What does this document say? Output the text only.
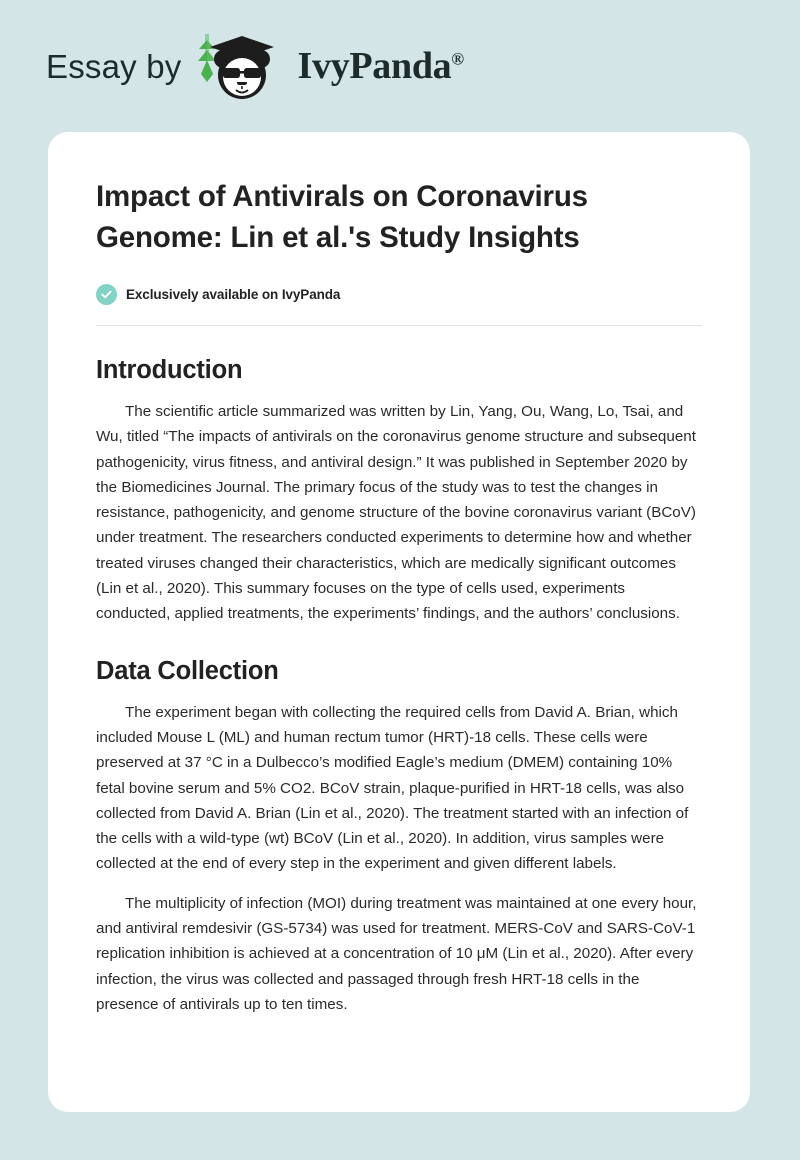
Essay by	IvyPanda®
Impact of Antivirals on Coronavirus Genome: Lin et al.'s Study Insights
Exclusively available on IvyPanda
Introduction

The scientific article summarized was written by Lin, Yang, Ou, Wang, Lo, Tsai, and Wu, titled “The impacts of antivirals on the coronavirus genome structure and subsequent pathogenicity, virus fitness, and antiviral design.” It was published in September 2020 by the Biomedicines Journal. The primary focus of the study was to test the changes in resistance, pathogenicity, and genome structure of the bovine coronavirus variant (BCoV) under treatment. The researchers conducted experiments to determine how and whether treated viruses changed their characteristics, which are medically significant outcomes (Lin et al., 2020). This summary focuses on the type of cells used, experiments conducted, applied treatments, the experiments’ findings, and the authors’ conclusions.

Data Collection

The experiment began with collecting the required cells from David A. Brian, which included Mouse L (ML) and human rectum tumor (HRT)-18 cells. These cells were preserved at 37 °C in a Dulbecco’s modified Eagle’s medium (DMEM) containing 10% fetal bovine serum and 5% CO2. BCoV strain, plaque-purified in HRT-18 cells, was also collected from David A. Brian (Lin et al., 2020). The treatment started with an infection of the cells with a wild-type (wt) BCoV (Lin et al., 2020). In addition, virus samples were collected at the end of every step in the experiment and given different labels.

The multiplicity of infection (MOI) during treatment was maintained at one every hour, and antiviral remdesivir (GS-5734) was used for treatment. MERS-CoV and SARS-CoV-1 replication inhibition is achieved at a concentration of 10 μM (Lin et al., 2020). After every infection, the virus was collected and passaged through fresh HRT-18 cells in the presence of antivirals up to ten times.
